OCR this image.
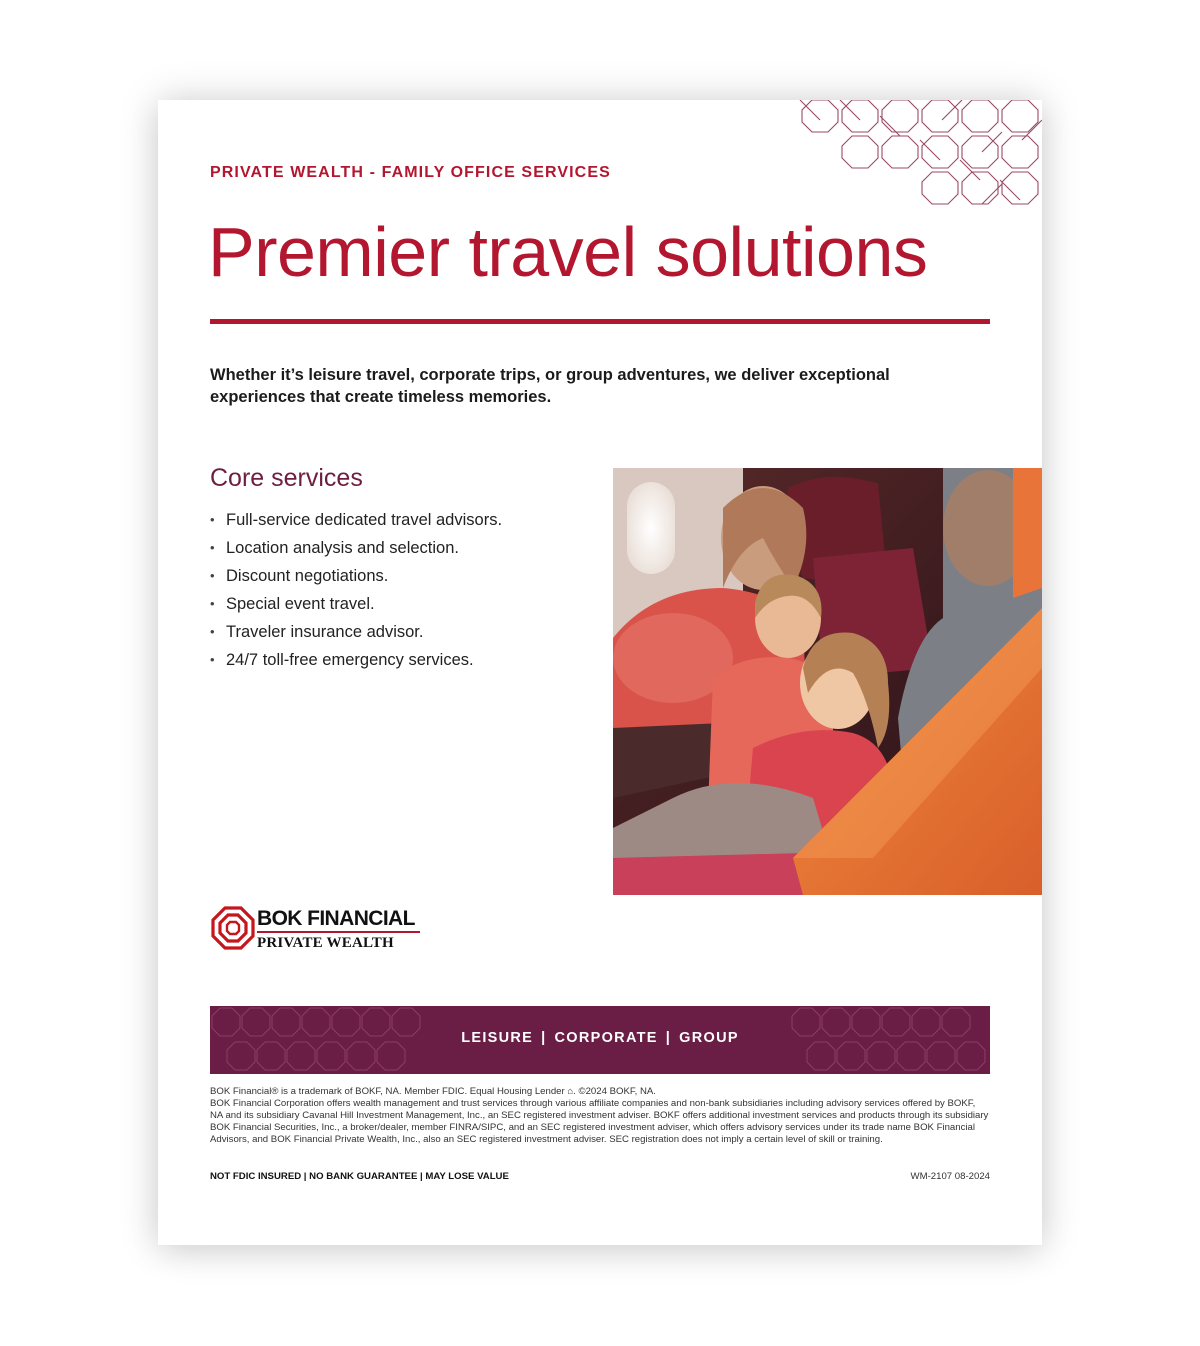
PRIVATE WEALTH - FAMILY OFFICE SERVICES
Premier travel solutions
Whether it’s leisure travel, corporate trips, or group adventures, we deliver exceptional experiences that create timeless memories.
Core services
• Full-service dedicated travel advisors.
• Location analysis and selection.
• Discount negotiations.
• Special event travel.
• Traveler insurance advisor.
• 24/7 toll-free emergency services.
BOK FINANCIAL
PRIVATE WEALTH
LEISURE | CORPORATE | GROUP

BOK Financial® is a trademark of BOKF, NA. Member FDIC. Equal Housing Lender ⌂. ©2024 BOKF, NA.

BOK Financial Corporation offers wealth management and trust services through various affiliate companies and non-bank subsidiaries including advisory services offered by BOKF, NA and its subsidiary Cavanal Hill Investment Management, Inc., an SEC registered investment adviser. BOKF offers additional investment services and products through its subsidiary BOK Financial Securities, Inc., a broker/dealer, member FINRA/SIPC, and an SEC registered investment adviser, which offers advisory services under its trade name BOK Financial Advisors, and BOK Financial Private Wealth, Inc., also an SEC registered investment adviser. SEC registration does not imply a certain level of skill or training.

NOT FDIC INSURED | NO BANK GUARANTEE | MAY LOSE VALUE	WM-2107 08-2024
